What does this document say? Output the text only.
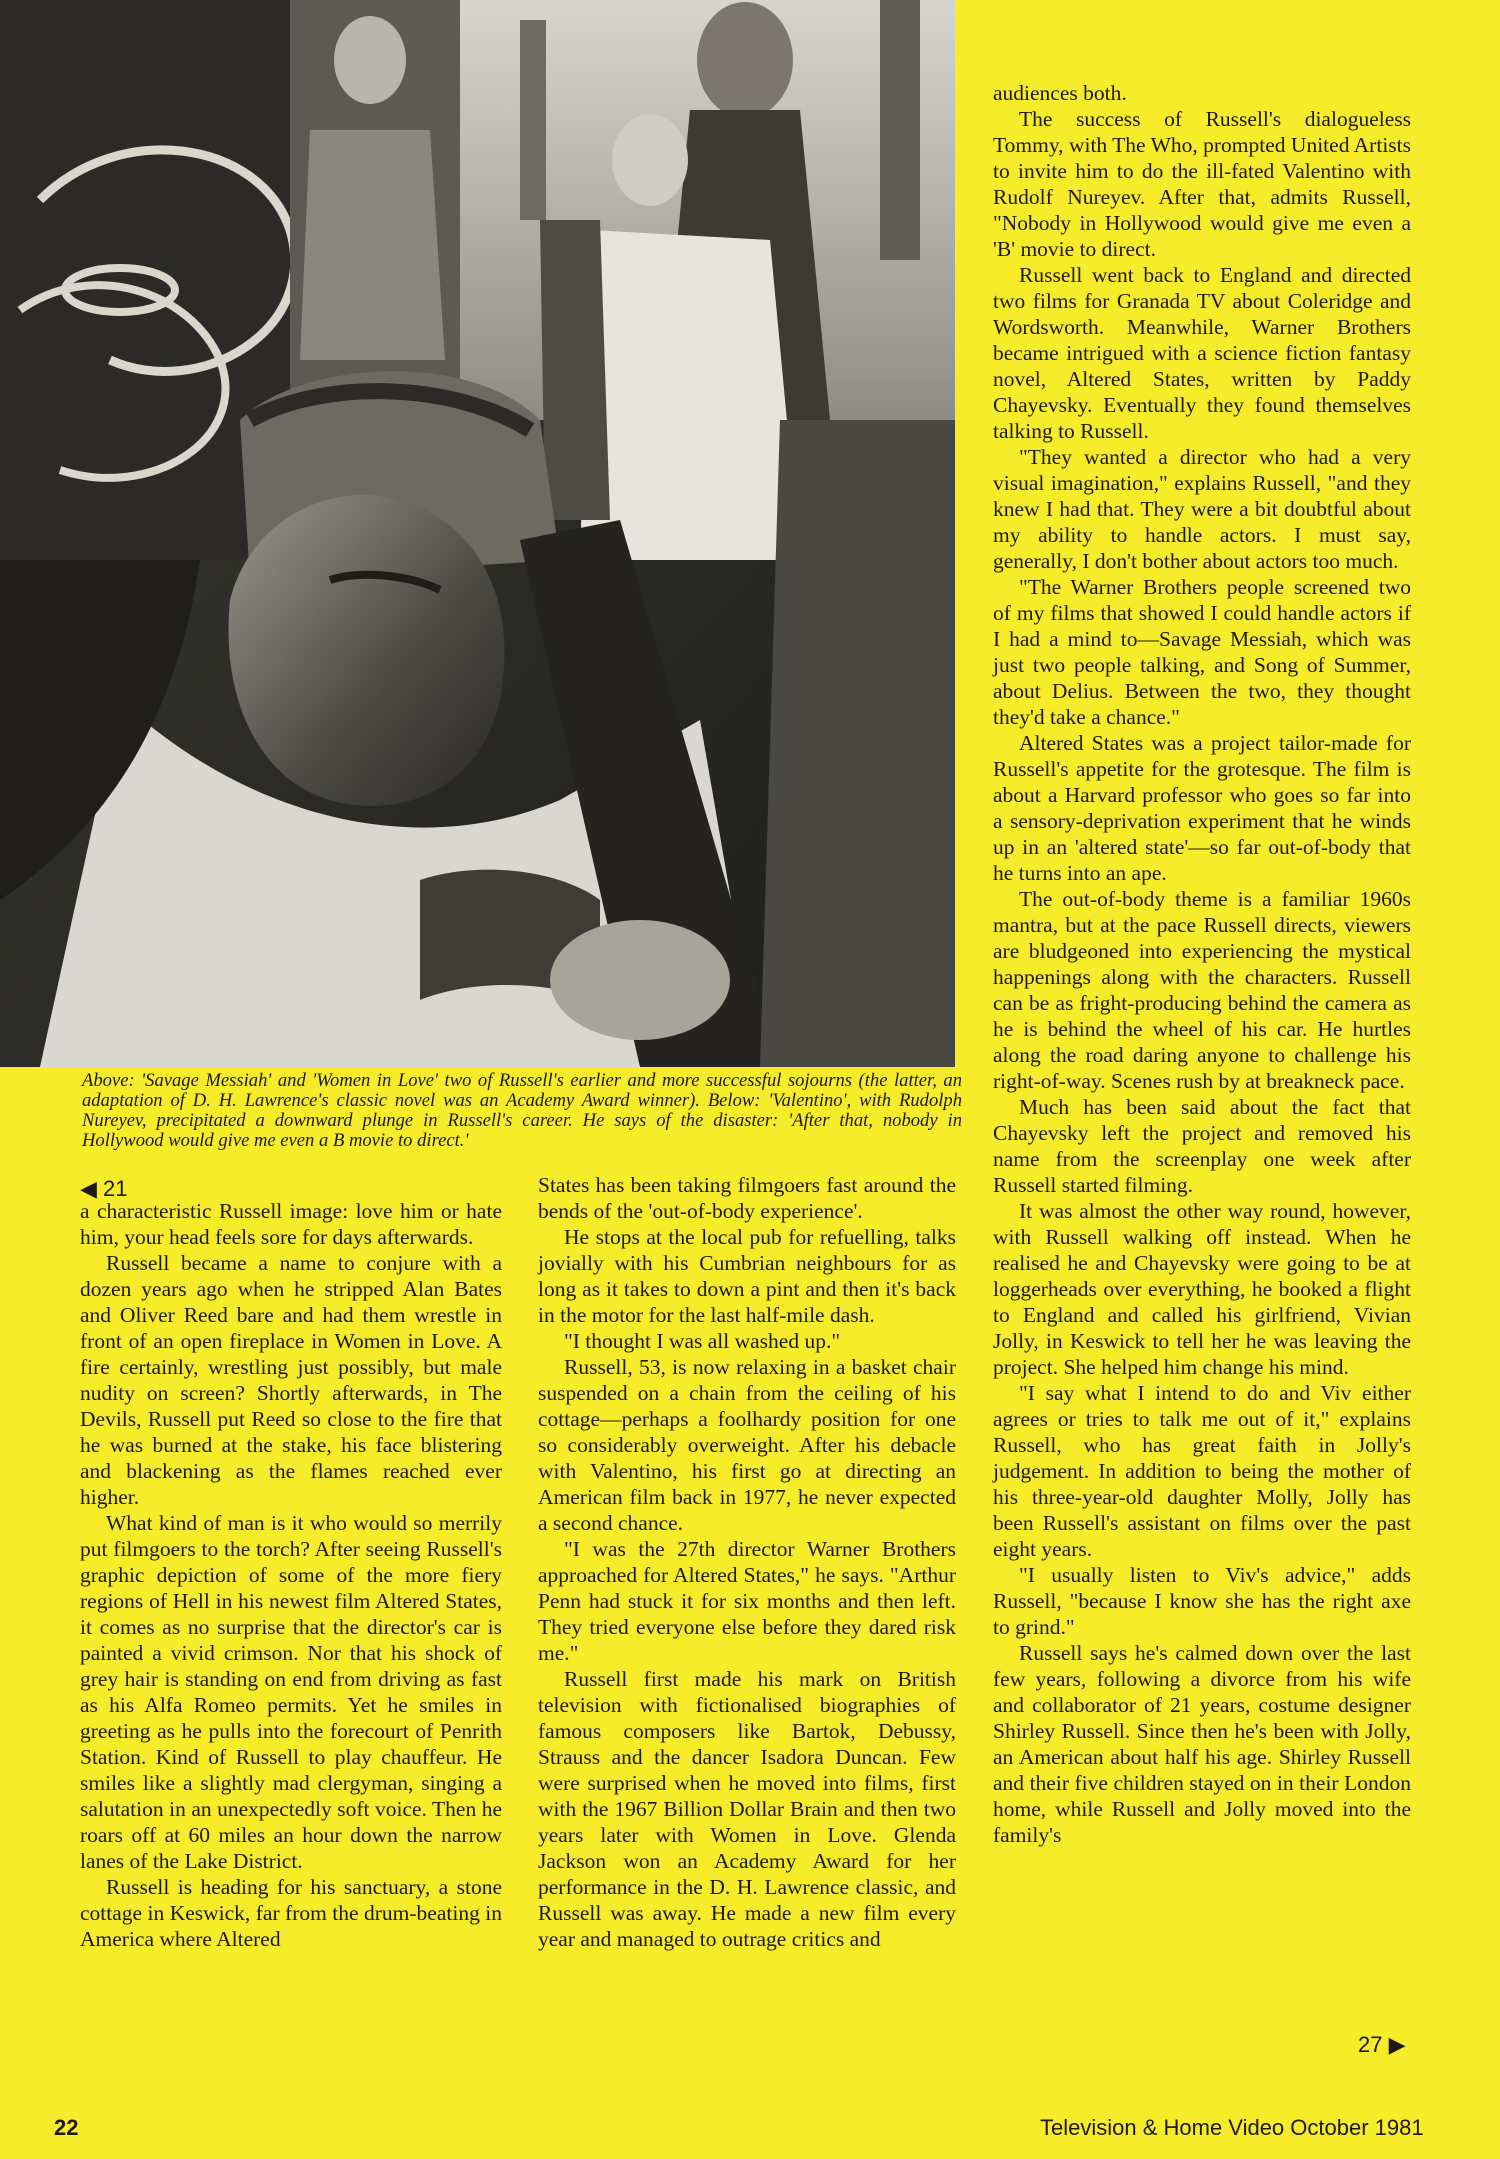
Above: 'Savage Messiah' and 'Women in Love' two of Russell's earlier and more successful sojourns (the latter, an adaptation of D. H. Lawrence's classic novel was an Academy Award winner). Below: 'Valentino', with Rudolph Nureyev, precipitated a downward plunge in Russell's career. He says of the disaster: 'After that, nobody in Hollywood would give me even a B movie to direct.'

◀ 21

a characteristic Russell image: love him or hate him, your head feels sore for days afterwards.

Russell became a name to conjure with a dozen years ago when he stripped Alan Bates and Oliver Reed bare and had them wrestle in front of an open fireplace in Women in Love. A fire certainly, wrestling just possibly, but male nudity on screen? Shortly afterwards, in The Devils, Russell put Reed so close to the fire that he was burned at the stake, his face blistering and blackening as the flames reached ever higher.

What kind of man is it who would so merrily put filmgoers to the torch? After seeing Russell's graphic depiction of some of the more fiery regions of Hell in his newest film Altered States, it comes as no surprise that the director's car is painted a vivid crimson. Nor that his shock of grey hair is standing on end from driving as fast as his Alfa Romeo permits. Yet he smiles in greeting as he pulls into the forecourt of Penrith Station. Kind of Russell to play chauffeur. He smiles like a slightly mad clergyman, singing a salutation in an unexpectedly soft voice. Then he roars off at 60 miles an hour down the narrow lanes of the Lake District.

Russell is heading for his sanctuary, a stone cottage in Keswick, far from the drum-beating in America where Altered

States has been taking filmgoers fast around the bends of the 'out-of-body experience'.

He stops at the local pub for refuelling, talks jovially with his Cumbrian neighbours for as long as it takes to down a pint and then it's back in the motor for the last half-mile dash.

"I thought I was all washed up."

Russell, 53, is now relaxing in a basket chair suspended on a chain from the ceiling of his cottage—perhaps a foolhardy position for one so considerably overweight. After his debacle with Valentino, his first go at directing an American film back in 1977, he never expected a second chance.

"I was the 27th director Warner Brothers approached for Altered States," he says. "Arthur Penn had stuck it for six months and then left. They tried everyone else before they dared risk me."

Russell first made his mark on British television with fictionalised biographies of famous composers like Bartok, Debussy, Strauss and the dancer Isadora Duncan. Few were surprised when he moved into films, first with the 1967 Billion Dollar Brain and then two years later with Women in Love. Glenda Jackson won an Academy Award for her performance in the D. H. Lawrence classic, and Russell was away. He made a new film every year and managed to outrage critics and

audiences both.

The success of Russell's dialogueless Tommy, with The Who, prompted United Artists to invite him to do the ill-fated Valentino with Rudolf Nureyev. After that, admits Russell, "Nobody in Hollywood would give me even a 'B' movie to direct.

Russell went back to England and directed two films for Granada TV about Coleridge and Wordsworth. Meanwhile, Warner Brothers became intrigued with a science fiction fantasy novel, Altered States, written by Paddy Chayevsky. Eventually they found themselves talking to Russell.

"They wanted a director who had a very visual imagination," explains Russell, "and they knew I had that. They were a bit doubtful about my ability to handle actors. I must say, generally, I don't bother about actors too much.

"The Warner Brothers people screened two of my films that showed I could handle actors if I had a mind to—Savage Messiah, which was just two people talking, and Song of Summer, about Delius. Between the two, they thought they'd take a chance."

Altered States was a project tailor-made for Russell's appetite for the grotesque. The film is about a Harvard professor who goes so far into a sensory-deprivation experiment that he winds up in an 'altered state'—so far out-of-body that he turns into an ape.

The out-of-body theme is a familiar 1960s mantra, but at the pace Russell directs, viewers are bludgeoned into experiencing the mystical happenings along with the characters. Russell can be as fright-producing behind the camera as he is behind the wheel of his car. He hurtles along the road daring anyone to challenge his right-of-way. Scenes rush by at breakneck pace.

Much has been said about the fact that Chayevsky left the project and removed his name from the screenplay one week after Russell started filming.

It was almost the other way round, however, with Russell walking off instead. When he realised he and Chayevsky were going to be at loggerheads over everything, he booked a flight to England and called his girlfriend, Vivian Jolly, in Keswick to tell her he was leaving the project. She helped him change his mind.

"I say what I intend to do and Viv either agrees or tries to talk me out of it," explains Russell, who has great faith in Jolly's judgement. In addition to being the mother of his three-year-old daughter Molly, Jolly has been Russell's assistant on films over the past eight years.

"I usually listen to Viv's advice," adds Russell, "because I know she has the right axe to grind."

Russell says he's calmed down over the last few years, following a divorce from his wife and collaborator of 21 years, costume designer Shirley Russell. Since then he's been with Jolly, an American about half his age. Shirley Russell and their five children stayed on in their London home, while Russell and Jolly moved into the family's

27 ▶
22	Television & Home Video October 1981
